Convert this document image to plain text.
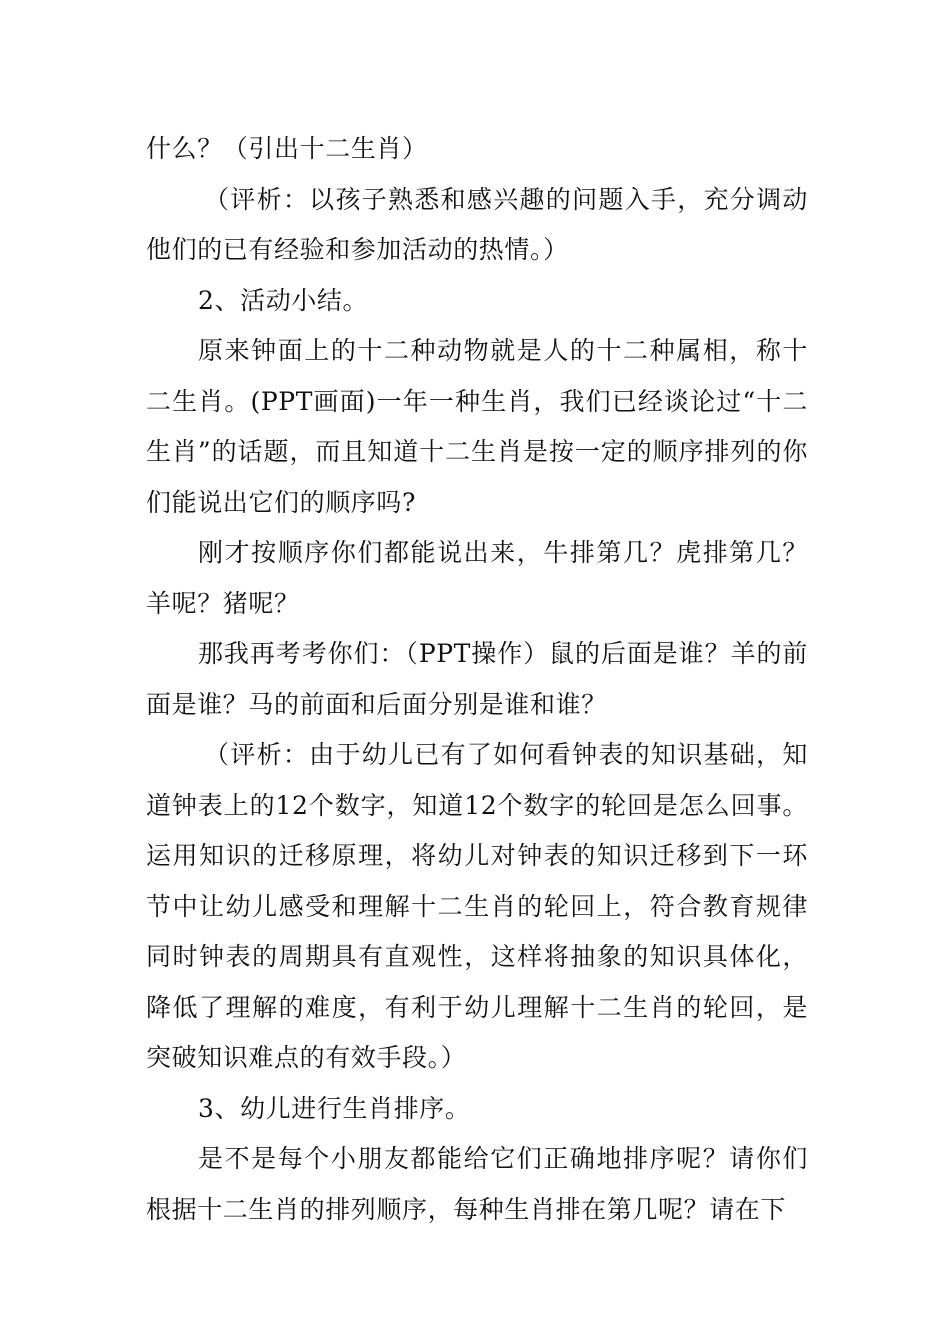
什么？（引出十二生肖）

（评析：以孩子熟悉和感兴趣的问题入手，充分调动他们的已有经验和参加活动的热情。）

2、活动小结。

原来钟面上的十二种动物就是人的十二种属相，称十二生肖。(PPT画面)一年一种生肖，我们已经谈论过“十二生肖”的话题，而且知道十二生肖是按一定的顺序排列的你们能说出它们的顺序吗?

刚才按顺序你们都能说出来，牛排第几？虎排第几？羊呢？猪呢？

那我再考考你们：（PPT操作）鼠的后面是谁？羊的前面是谁？马的前面和后面分别是谁和谁？

（评析：由于幼儿已有了如何看钟表的知识基础，知道钟表上的12个数字，知道12个数字的轮回是怎么回事。运用知识的迁移原理，将幼儿对钟表的知识迁移到下一环节中让幼儿感受和理解十二生肖的轮回上，符合教育规律同时钟表的周期具有直观性，这样将抽象的知识具体化，降低了理解的难度，有利于幼儿理解十二生肖的轮回，是突破知识难点的有效手段。）

3、幼儿进行生肖排序。

是不是每个小朋友都能给它们正确地排序呢？请你们根据十二生肖的排列顺序，每种生肖排在第几呢？请在下
